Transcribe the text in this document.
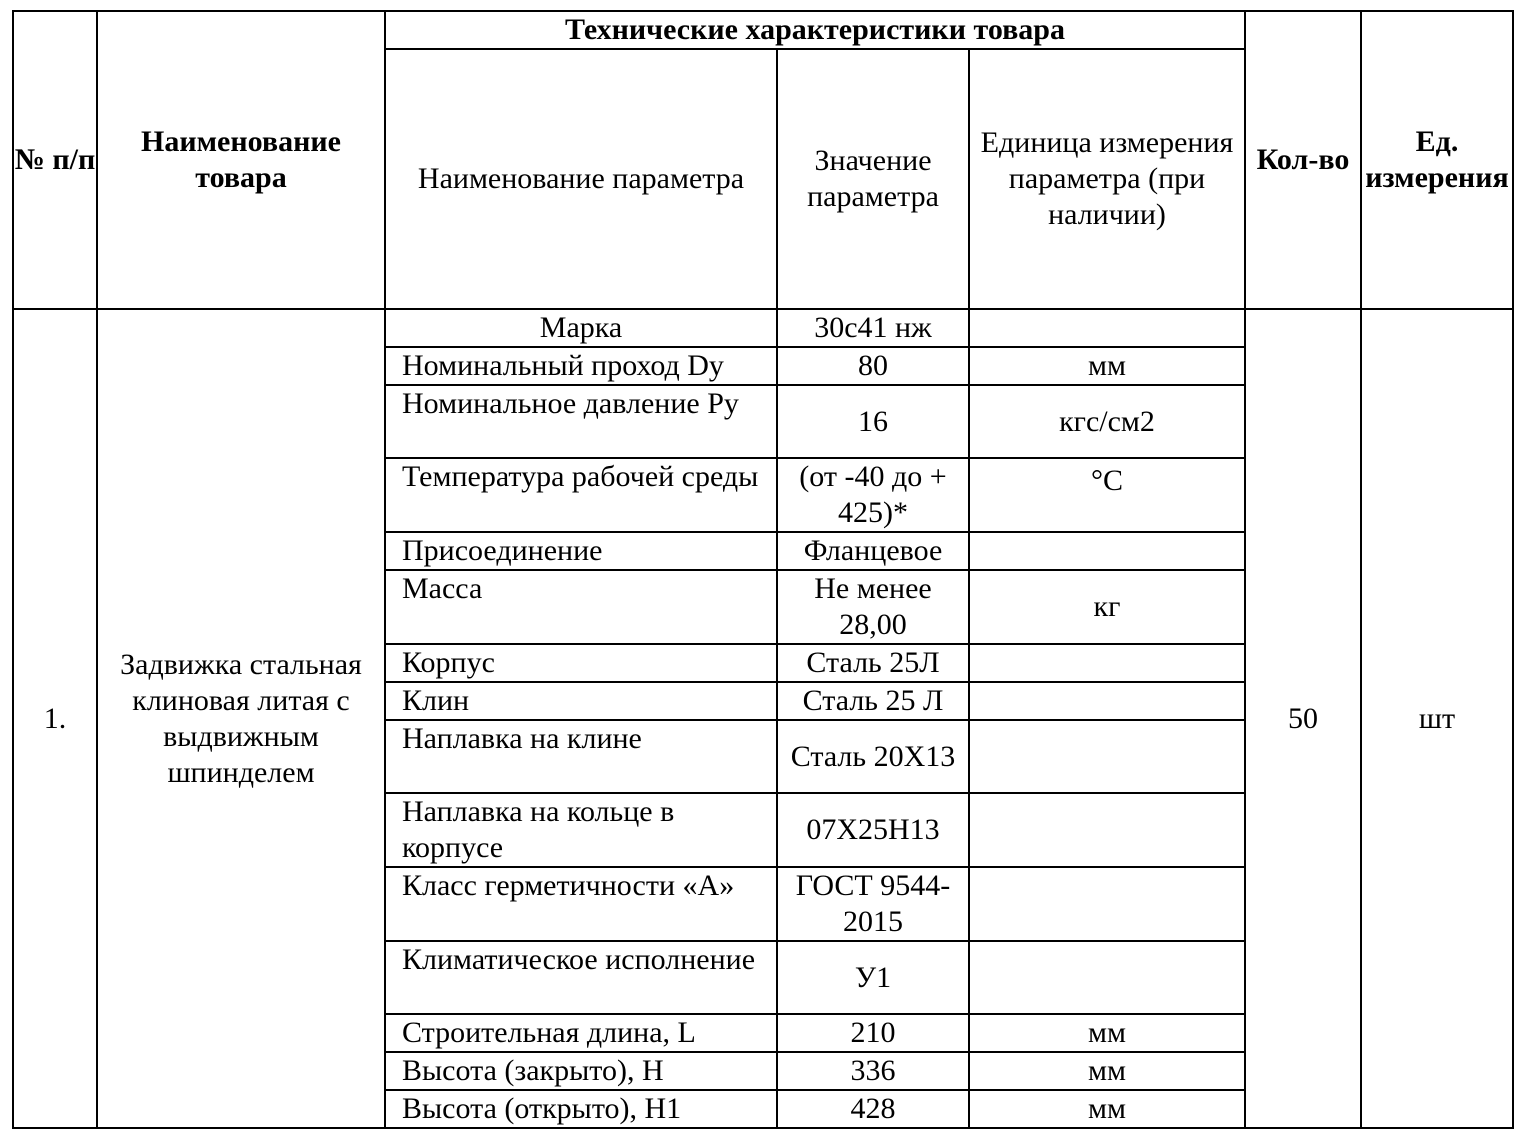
№ п/п	Наименование товара	Технические характеристики товара			Кол-во	Ед. измерения
		Наименование параметра	Значение параметра	Единица измерения параметра (при наличии)		
1.	Задвижка стальная клиновая литая с выдвижным шпинделем	Марка	30с41 нж		50	шт
		Номинальный проход Dy	80	мм		
		Номинальное давление Py	16	кгс/см2		
		Температура рабочей среды	(от -40 до + 425)*	°C		
		Присоединение	Фланцевое			
		Масса	Не менее 28,00	кг		
		Корпус	Сталь 25Л			
		Клин	Сталь 25 Л			
		Наплавка на клине	Сталь 20Х13			
		Наплавка на кольце в корпусе	07Х25Н13			
		Класс герметичности «А»	ГОСТ 9544-2015			
		Климатическое исполнение	У1			
		Строительная длина, L	210	мм		
		Высота (закрыто), H	336	мм		
		Высота (открыто), H1	428	мм		
